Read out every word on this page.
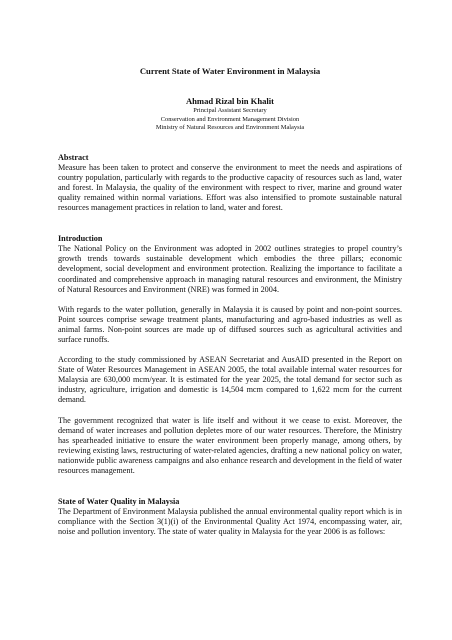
Current State of Water Environment in Malaysia

Ahmad Rizal bin Khalit

Principal Assistant Secretary

Conservation and Environment Management Division

Ministry of Natural Resources and Environment Malaysia

Abstract

Measure has been taken to protect and conserve the environment to meet the needs and aspirations of country population, particularly with regards to the productive capacity of resources such as land, water and forest. In Malaysia, the quality of the environment with respect to river, marine and ground water quality remained within normal variations. Effort was also intensified to promote sustainable natural resources management practices in relation to land, water and forest.

Introduction

The National Policy on the Environment was adopted in 2002 outlines strategies to propel country’s growth trends towards sustainable development which embodies the three pillars; economic development, social development and environment protection. Realizing the importance to facilitate a coordinated and comprehensive approach in managing natural resources and environment, the Ministry of Natural Resources and Environment (NRE) was formed in 2004.

With regards to the water pollution, generally in Malaysia it is caused by point and non-point sources. Point sources comprise sewage treatment plants, manufacturing and agro-based industries as well as animal farms. Non-point sources are made up of diffused sources such as agricultural activities and surface runoffs.

According to the study commissioned by ASEAN Secretariat and AusAID presented in the Report on State of Water Resources Management in ASEAN 2005, the total available internal water resources for Malaysia are 630,000 mcm/year. It is estimated for the year 2025, the total demand for sector such as industry, agriculture, irrigation and domestic is 14,504 mcm compared to 1,622 mcm for the current demand.

The government recognized that water is life itself and without it we cease to exist. Moreover, the demand of water increases and pollution depletes more of our water resources. Therefore, the Ministry has spearheaded initiative to ensure the water environment been properly manage, among others, by reviewing existing laws, restructuring of water-related agencies, drafting a new national policy on water, nationwide public awareness campaigns and also enhance research and development in the field of water resources management.

State of Water Quality in Malaysia

The Department of Environment Malaysia published the annual environmental quality report which is in compliance with the Section 3(1)(i) of the Environmental Quality Act 1974, encompassing water, air, noise and pollution inventory. The state of water quality in Malaysia for the year 2006 is as follows:
